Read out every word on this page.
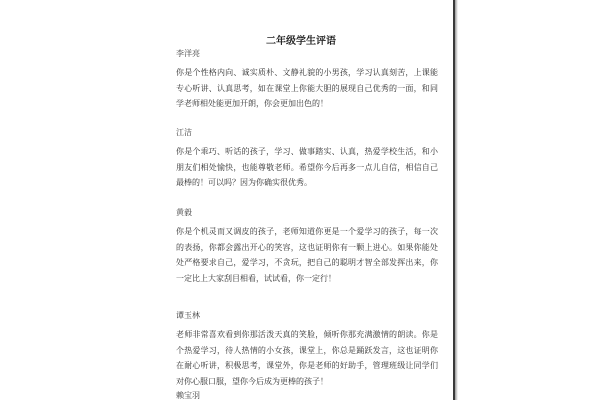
二年级学生评语

李洋亮

你是个性格内向、诚实质朴、文静礼貌的小男孩，学习认真刻苦，上课能专心听讲、认真思考，如在课堂上你能大胆的展现自己优秀的一面，和同学老师相处能更加开朗，你会更加出色的！

江洁

你是个乖巧、听话的孩子，学习、做事踏实、认真，热爱学校生活，和小朋友们相处愉快，也能尊敬老师。希望你今后再多一点儿自信，相信自己最棒的！可以吗？因为你确实很优秀。

黄毅

你是个机灵而又调皮的孩子，老师知道你更是一个爱学习的孩子，每一次的表扬，你都会露出开心的笑容，这也证明你有一颗上进心。如果你能处处严格要求自己，爱学习，不贪玩，把自己的聪明才智全部发挥出来，你一定比上大家刮目相看，试试看，你一定行！

谭玉林

老师非常喜欢看到你那活泼天真的笑脸，倾听你那充满激情的朗读。你是个热爱学习，待人热情的小女孩，课堂上，你总是踊跃发言，这也证明你在耐心听讲，积极思考，课堂外，你是老师的好助手，管理班级让同学们对你心服口服，望你今后成为更棒的孩子！

赖宝羽
